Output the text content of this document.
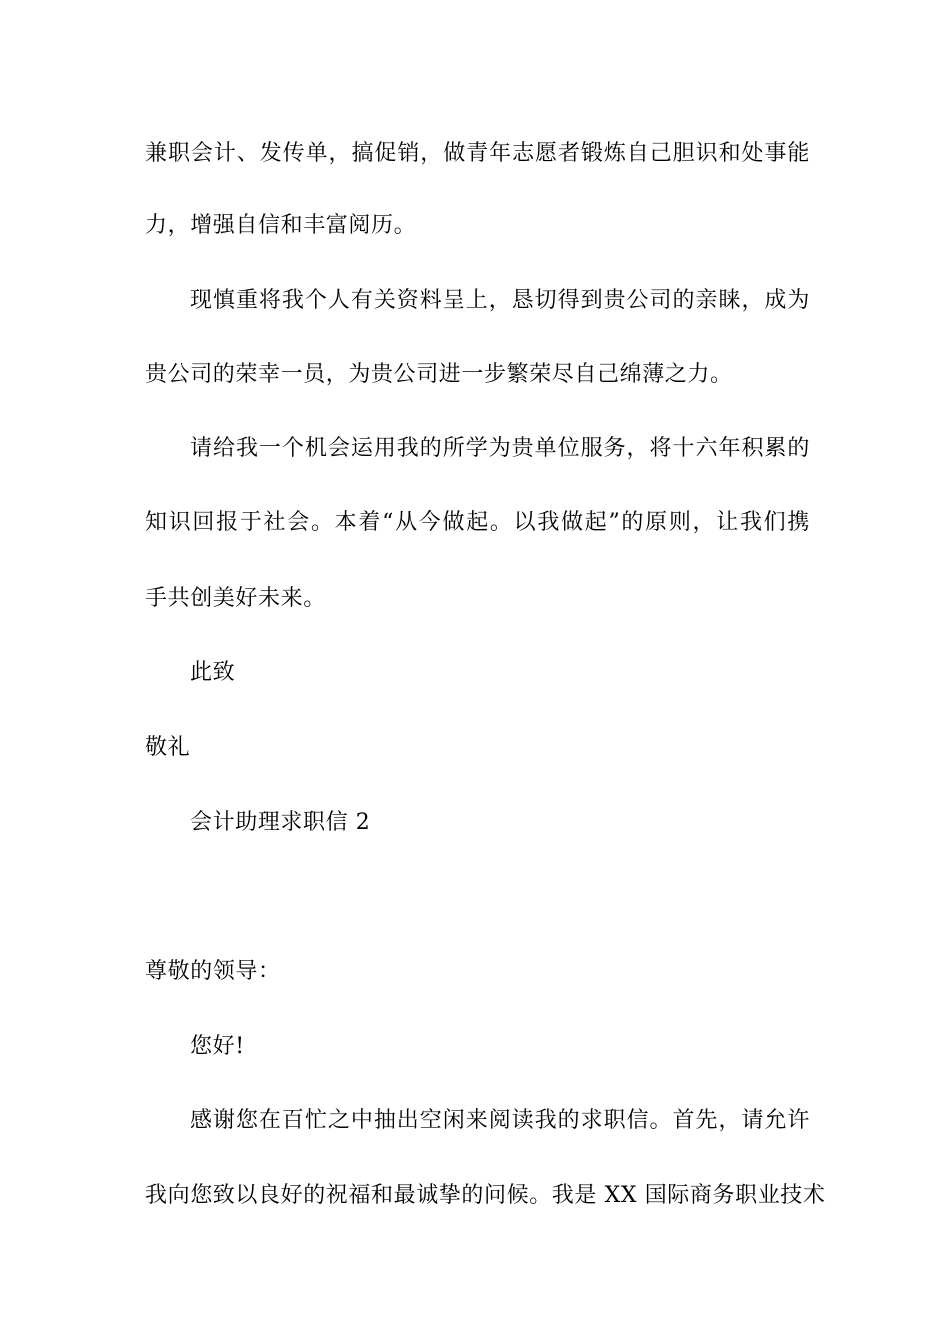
兼职会计、发传单，搞促销，做青年志愿者锻炼自己胆识和处事能
力，增强自信和丰富阅历。
现慎重将我个人有关资料呈上，恳切得到贵公司的亲睐，成为
贵公司的荣幸一员，为贵公司进一步繁荣尽自己绵薄之力。
请给我一个机会运用我的所学为贵单位服务，将十六年积累的
知识回报于社会。本着“从今做起。以我做起”的原则，让我们携
手共创美好未来。
此致
敬礼
会计助理求职信 2
尊敬的领导：
您好!
感谢您在百忙之中抽出空闲来阅读我的求职信。首先，请允许
我向您致以良好的祝福和最诚挚的问候。我是 XX 国际商务职业技术
